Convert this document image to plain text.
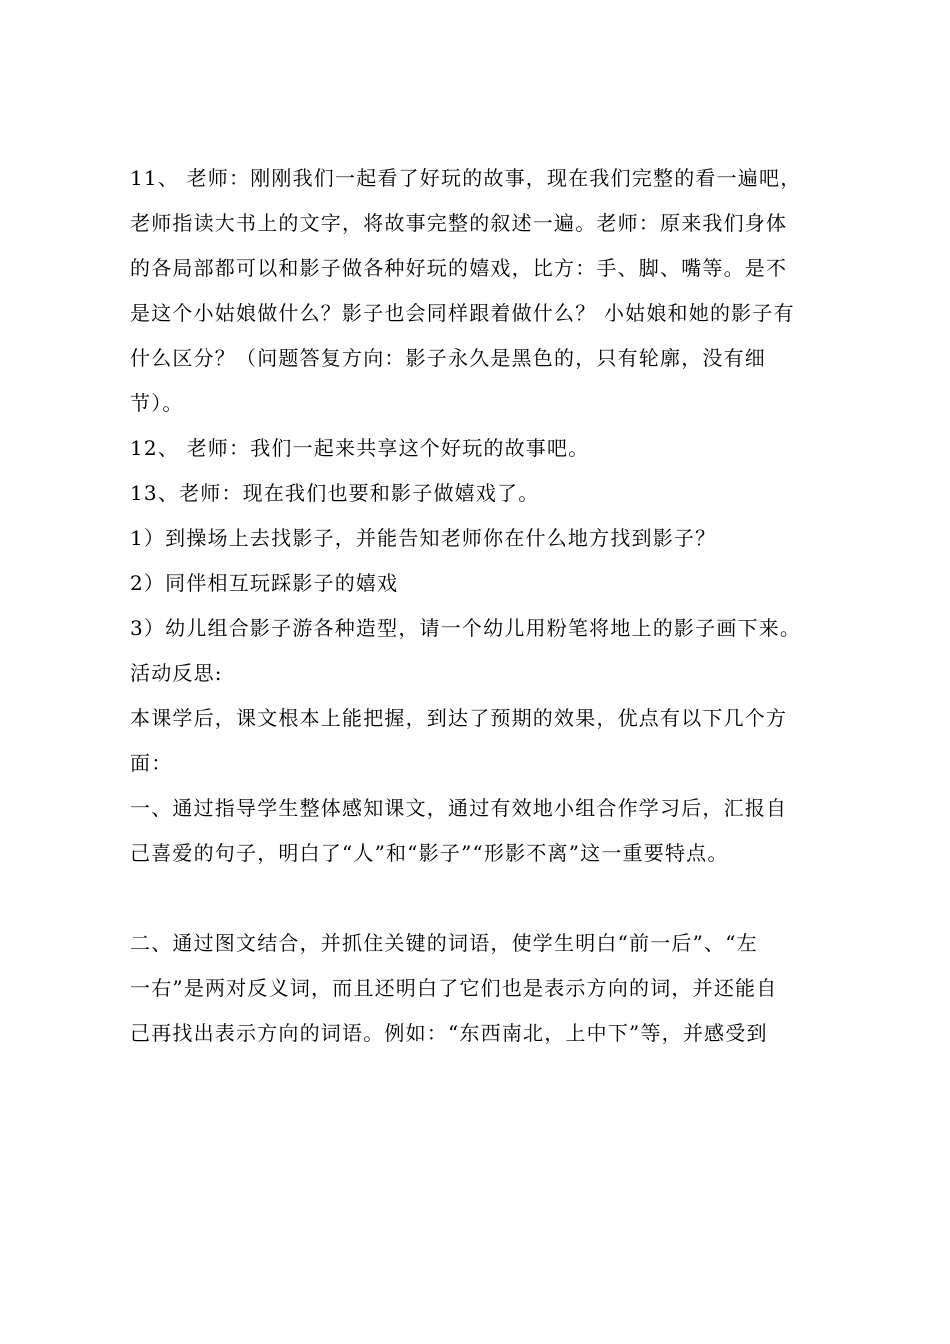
11、 老师：刚刚我们一起看了好玩的故事，现在我们完整的看一遍吧，
老师指读大书上的文字，将故事完整的叙述一遍。老师：原来我们身体
的各局部都可以和影子做各种好玩的嬉戏，比方：手、脚、嘴等。是不
是这个小姑娘做什么？影子也会同样跟着做什么？ 小姑娘和她的影子有
什么区分？（问题答复方向：影子永久是黑色的，只有轮廓，没有细
节）。
12、 老师：我们一起来共享这个好玩的故事吧。
13、老师：现在我们也要和影子做嬉戏了。
1）到操场上去找影子，并能告知老师你在什么地方找到影子？
2）同伴相互玩踩影子的嬉戏
3）幼儿组合影子游各种造型，请一个幼儿用粉笔将地上的影子画下来。
活动反思:
本课学后，课文根本上能把握，到达了预期的效果，优点有以下几个方
面：
一、通过指导学生整体感知课文，通过有效地小组合作学习后，汇报自
己喜爱的句子，明白了“人”和“影子”“形影不离”这一重要特点。
二、通过图文结合，并抓住关键的词语，使学生明白“前一后”、“左
一右”是两对反义词，而且还明白了它们也是表示方向的词，并还能自
己再找出表示方向的词语。例如：“东西南北，上中下”等，并感受到
